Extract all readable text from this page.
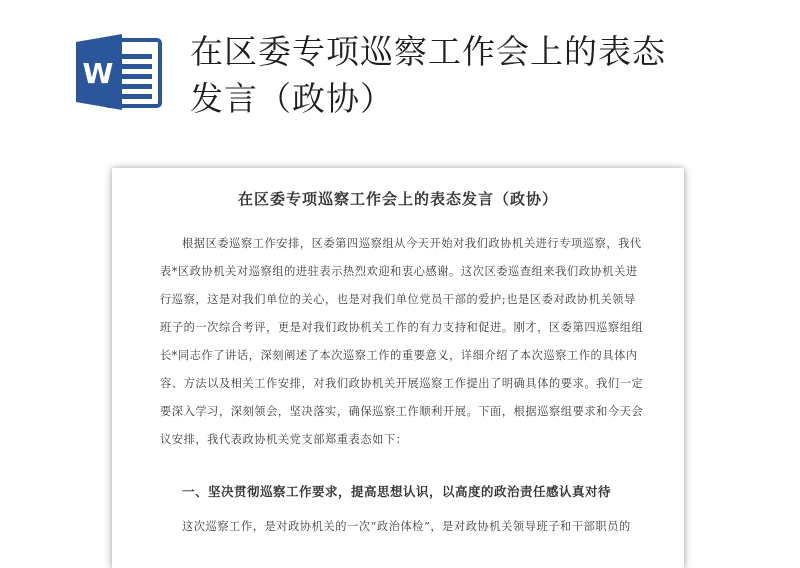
W
在区委专项巡察工作会上的表态
发言（政协）
在区委专项巡察工作会上的表态发言（政协）
根据区委巡察工作安排，区委第四巡察组从今天开始对我们政协机关进行专项巡察，我代
表*区政协机关对巡察组的进驻表示热烈欢迎和衷心感谢。这次区委巡查组来我们政协机关进
行巡察，这是对我们单位的关心，也是对我们单位党员干部的爱护;也是区委对政协机关领导
班子的一次综合考评，更是对我们政协机关工作的有力支持和促进。刚才，区委第四巡察组组
长*同志作了讲话，深刻阐述了本次巡察工作的重要意义，详细介绍了本次巡察工作的具体内
容、方法以及相关工作安排，对我们政协机关开展巡察工作提出了明确具体的要求。我们一定
要深入学习，深刻领会，坚决落实，确保巡察工作顺利开展。下面，根据巡察组要求和今天会
议安排，我代表政协机关党支部郑重表态如下：
一、坚决贯彻巡察工作要求，提高思想认识，以高度的政治责任感认真对待
这次巡察工作，是对政协机关的一次“政治体检”，是对政协机关领导班子和干部职员的
